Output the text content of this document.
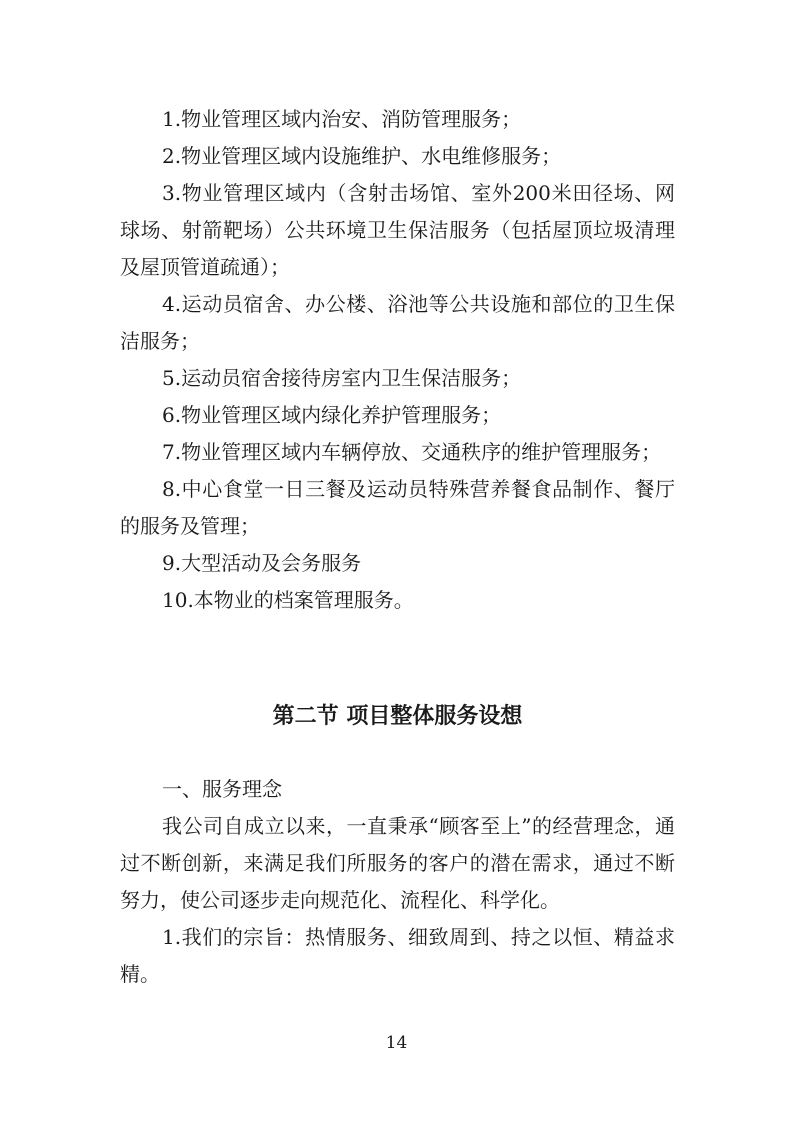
1.物业管理区域内治安、消防管理服务；

2.物业管理区域内设施维护、水电维修服务；

3.物业管理区域内（含射击场馆、室外200米田径场、网球场、射箭靶场）公共环境卫生保洁服务（包括屋顶垃圾清理及屋顶管道疏通）；

4.运动员宿舍、办公楼、浴池等公共设施和部位的卫生保洁服务；

5.运动员宿舍接待房室内卫生保洁服务；

6.物业管理区域内绿化养护管理服务；

7.物业管理区域内车辆停放、交通秩序的维护管理服务；

8.中心食堂一日三餐及运动员特殊营养餐食品制作、餐厅的服务及管理；

9.大型活动及会务服务

10.本物业的档案管理服务。

第二节 项目整体服务设想

一、服务理念

我公司自成立以来，一直秉承“顾客至上”的经营理念，通过不断创新，来满足我们所服务的客户的潜在需求，通过不断努力，使公司逐步走向规范化、流程化、科学化。

1.我们的宗旨：热情服务、细致周到、持之以恒、精益求精。

14
